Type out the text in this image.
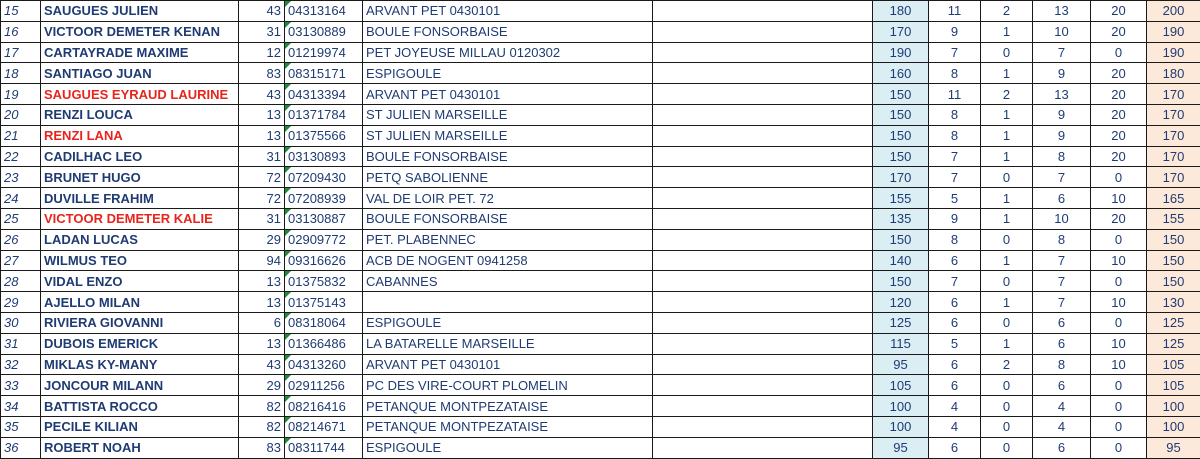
15	SAUGUES JULIEN	43	04313164	ARVANT PET 0430101		180	11	2	13	20	200
16	VICTOOR DEMETER KENAN	31	03130889	BOULE FONSORBAISE		170	9	1	10	20	190
17	CARTAYRADE MAXIME	12	01219974	PET JOYEUSE MILLAU 0120302		190	7	0	7	0	190
18	SANTIAGO JUAN	83	08315171	ESPIGOULE		160	8	1	9	20	180
19	SAUGUES EYRAUD LAURINE	43	04313394	ARVANT PET 0430101		150	11	2	13	20	170
20	RENZI LOUCA	13	01371784	ST JULIEN MARSEILLE		150	8	1	9	20	170
21	RENZI LANA	13	01375566	ST JULIEN MARSEILLE		150	8	1	9	20	170
22	CADILHAC LEO	31	03130893	BOULE FONSORBAISE		150	7	1	8	20	170
23	BRUNET HUGO	72	07209430	PETQ SABOLIENNE		170	7	0	7	0	170
24	DUVILLE FRAHIM	72	07208939	VAL DE LOIR PET. 72		155	5	1	6	10	165
25	VICTOOR DEMETER KALIE	31	03130887	BOULE FONSORBAISE		135	9	1	10	20	155
26	LADAN LUCAS	29	02909772	PET. PLABENNEC		150	8	0	8	0	150
27	WILMUS TEO	94	09316626	ACB DE NOGENT 0941258		140	6	1	7	10	150
28	VIDAL ENZO	13	01375832	CABANNES		150	7	0	7	0	150
29	AJELLO MILAN	13	01375143			120	6	1	7	10	130
30	RIVIERA GIOVANNI	6	08318064	ESPIGOULE		125	6	0	6	0	125
31	DUBOIS EMERICK	13	01366486	LA BATARELLE MARSEILLE		115	5	1	6	10	125
32	MIKLAS KY-MANY	43	04313260	ARVANT PET 0430101		95	6	2	8	10	105
33	JONCOUR MILANN	29	02911256	PC DES VIRE-COURT PLOMELIN		105	6	0	6	0	105
34	BATTISTA ROCCO	82	08216416	PETANQUE MONTPEZATAISE		100	4	0	4	0	100
35	PECILE KILIAN	82	08214671	PETANQUE MONTPEZATAISE		100	4	0	4	0	100
36	ROBERT NOAH	83	08311744	ESPIGOULE		95	6	0	6	0	95
